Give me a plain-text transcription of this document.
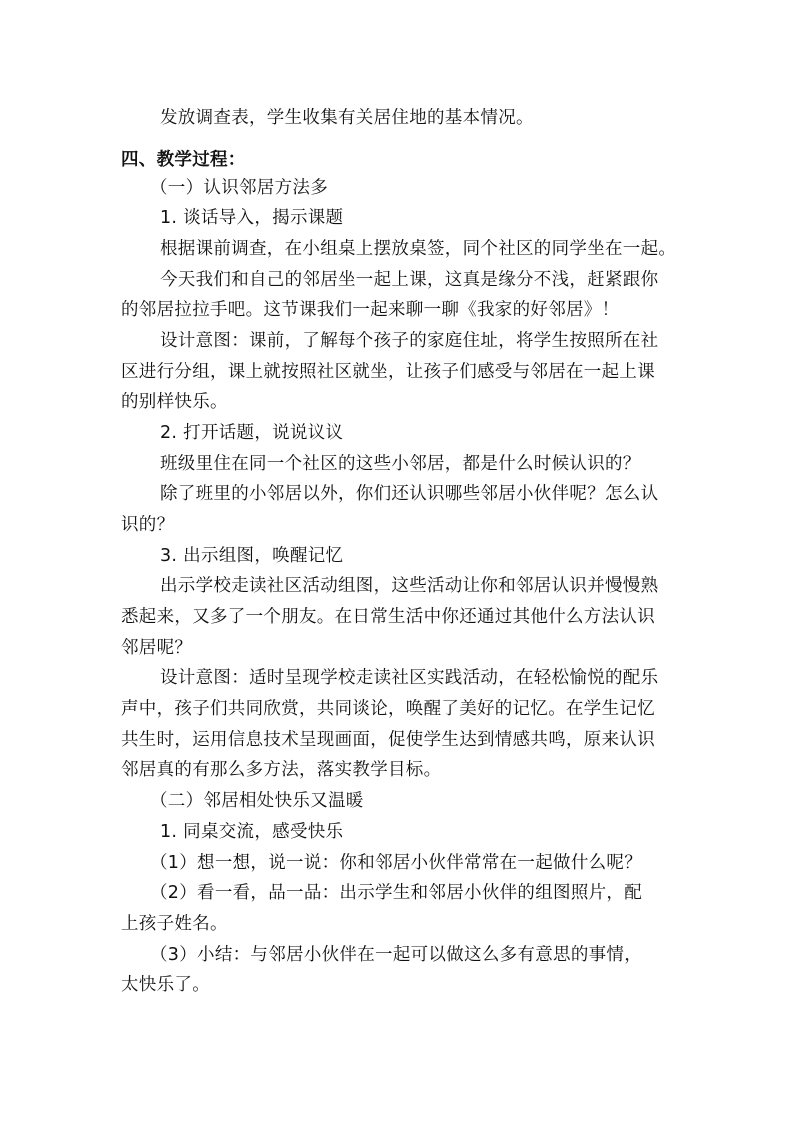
发放调查表，学生收集有关居住地的基本情况。
四、教学过程：
（一）认识邻居方法多
1. 谈话导入，揭示课题
根据课前调查，在小组桌上摆放桌签，同个社区的同学坐在一起。
今天我们和自己的邻居坐一起上课，这真是缘分不浅，赶紧跟你
的邻居拉拉手吧。这节课我们一起来聊一聊《我家的好邻居》！
设计意图：课前，了解每个孩子的家庭住址，将学生按照所在社
区进行分组，课上就按照社区就坐，让孩子们感受与邻居在一起上课
的别样快乐。
2. 打开话题，说说议议
班级里住在同一个社区的这些小邻居，都是什么时候认识的？
除了班里的小邻居以外，你们还认识哪些邻居小伙伴呢？怎么认
识的？
3. 出示组图，唤醒记忆
出示学校走读社区活动组图，这些活动让你和邻居认识并慢慢熟
悉起来，又多了一个朋友。在日常生活中你还通过其他什么方法认识
邻居呢？
设计意图：适时呈现学校走读社区实践活动，在轻松愉悦的配乐
声中，孩子们共同欣赏，共同谈论，唤醒了美好的记忆。在学生记忆
共生时，运用信息技术呈现画面，促使学生达到情感共鸣，原来认识
邻居真的有那么多方法，落实教学目标。
（二）邻居相处快乐又温暖
1. 同桌交流，感受快乐
（1）想一想，说一说：你和邻居小伙伴常常在一起做什么呢？
（2）看一看，品一品：出示学生和邻居小伙伴的组图照片，配
上孩子姓名。
（3）小结：与邻居小伙伴在一起可以做这么多有意思的事情，
太快乐了。
